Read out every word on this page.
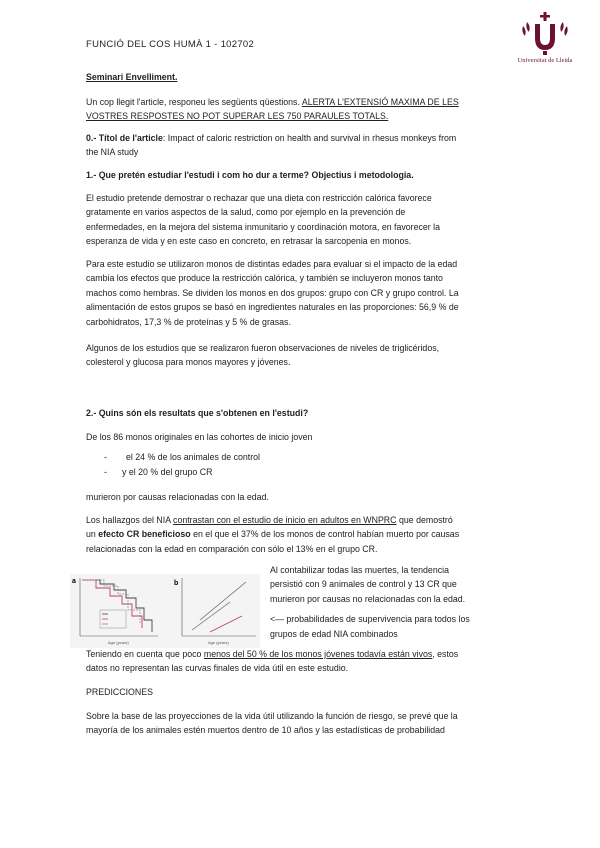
FUNCIÓ DEL COS HUMÀ 1 - 102702
Universitat de Lleida
Seminari Envelliment.
Un cop llegit l'article, responeu les següents qüestions. ALERTA L'EXTENSIÓ MAXIMA DE LES
VOSTRES RESPOSTES NO POT SUPERAR LES 750 PARAULES TOTALS.
0.- Títol de l'article: Impact of caloric restriction on health and survival in rhesus monkeys from
the NIA study
1.- Que pretén estudiar l'estudi i com ho dur a terme? Objectius i metodologia.
El estudio pretende demostrar o rechazar que una dieta con restricción calórica favorece
gratamente en varios aspectos de la salud, como por ejemplo en la prevención de
enfermedades, en la mejora del sistema inmunitario y coordinación motora, en favorecer la
esperanza de vida y en este caso en concreto, en retrasar la sarcopenia en monos.
Para este estudio se utilizaron monos de distintas edades para evaluar si el impacto de la edad
cambia los efectos que produce la restricción calórica, y también se incluyeron monos tanto
machos como hembras. Se dividen los monos en dos grupos: grupo con CR y grupo control. La
alimentación de estos grupos se basó en ingredientes naturales en las proporciones: 56,9 % de
carbohidratos, 17,3 % de proteínas y 5 % de grasas.
Algunos de los estudios que se realizaron fueron observaciones de niveles de triglicéridos,
colesterol y glucosa para monos mayores y jóvenes.
2.- Quins són els resultats que s'obtenen en l'estudi?
De los 86 monos originales en las cohortes de inicio joven
- el 24 % de los animales de control
- y el 20 % del grupo CR
murieron por causas relacionadas con la edad.
Los hallazgos del NIA contrastan con el estudio de inicio en adultos en WNPRC que demostró
un efecto CR beneficioso en el que el 37% de los monos de control habían muerto por causas
relacionadas con la edad en comparación con sólo el 13% en el grupo CR.
a
Age (years)
b
Age (years)
Al contabilizar todas las muertes, la tendencia
persistió con 9 animales de control y 13 CR que
murieron por causas no relacionadas con la edad.
<— probabilidades de supervivencia para todos los
grupos de edad NIA combinados
Teniendo en cuenta que poco menos del 50 % de los monos jóvenes todavía están vivos, estos
datos no representan las curvas finales de vida útil en este estudio.
PREDICCIONES
Sobre la base de las proyecciones de la vida útil utilizando la función de riesgo, se prevé que la
mayoría de los animales estén muertos dentro de 10 años y las estadísticas de probabilidad
